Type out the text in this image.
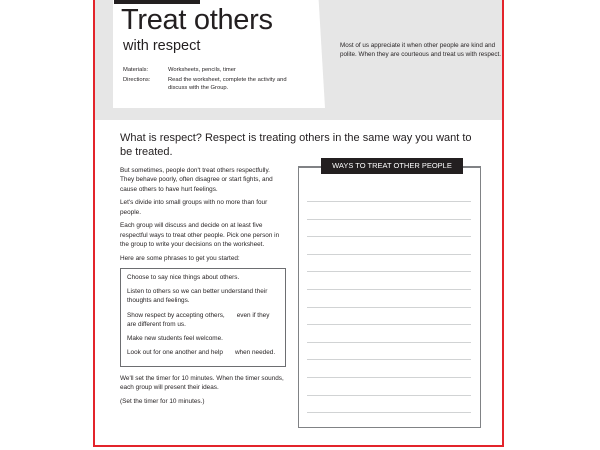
Treat others
with respect
Materials:	Worksheets, pencils, timer
Directions:	Read the worksheet, complete the activity and discuss with the Group.
Most of us appreciate it when other people are kind and polite. When they are courteous and treat us with respect.
What is respect? Respect is treating others in the same way you want to be treated.

But sometimes, people don't treat others respectfully. They behave poorly, often disagree or start fights, and cause others to have hurt feelings.

Let's divide into small groups with no more than four people.

Each group will discuss and decide on at least five respectful ways to treat other people. Pick one person in the group to write your decisions on the worksheet.

Here are some phrases to get you started:

Choose to say nice things about others.

Listen to others so we can better understand their thoughts and feelings.

Show respect by accepting others, even if they are different from us.

Make new students feel welcome.

Look out for one another and help when needed.

We'll set the timer for 10 minutes. When the timer sounds, each group will present their ideas.

(Set the timer for 10 minutes.)

WAYS TO TREAT OTHER PEOPLE
